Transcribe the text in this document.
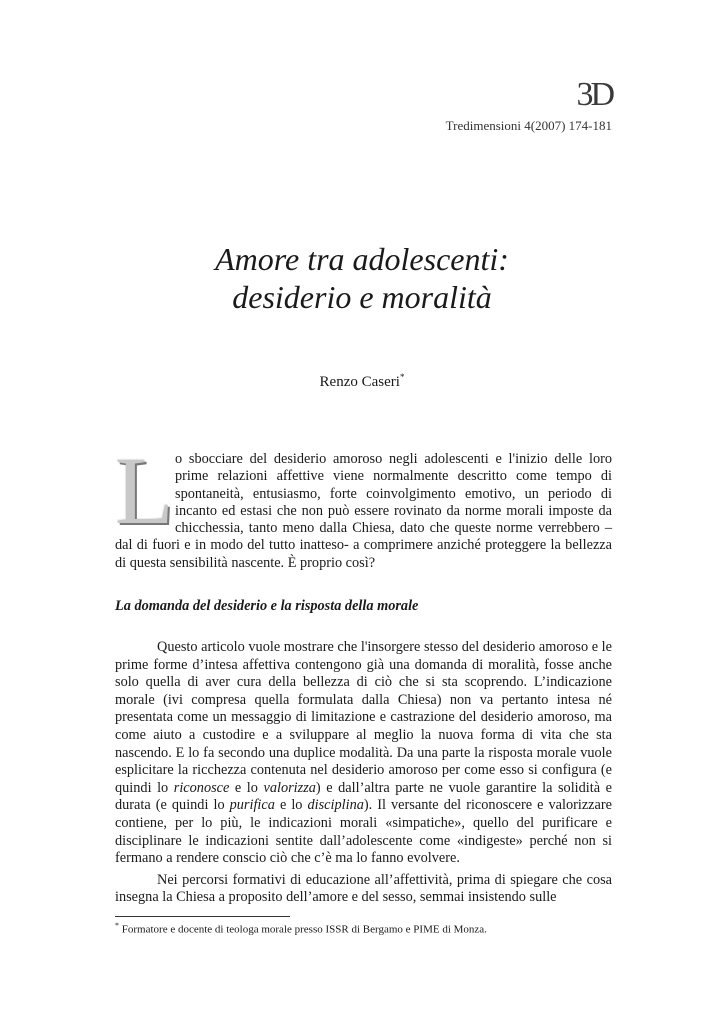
3D
Tredimensioni 4(2007) 174-181
Amore tra adolescenti:
desiderio e moralità
Renzo Caseri*
L o sbocciare del desiderio amoroso negli adolescenti e l'inizio delle loro prime relazioni affettive viene normalmente descritto come tempo di spontaneità, entusiasmo, forte coinvolgimento emotivo, un periodo di incanto ed estasi che non può essere rovinato da norme morali imposte da chicchessia, tanto meno dalla Chiesa, dato che queste norme verrebbero –dal di fuori e in modo del tutto inatteso- a comprimere anziché proteggere la bellezza di questa sensibilità nascente. È proprio così?
La domanda del desiderio e la risposta della morale

Questo articolo vuole mostrare che l'insorgere stesso del desiderio amoroso e le prime forme d’intesa affettiva contengono già una domanda di moralità, fosse anche solo quella di aver cura della bellezza di ciò che si sta scoprendo. L’indicazione morale (ivi compresa quella formulata dalla Chiesa) non va pertanto intesa né presentata come un messaggio di limitazione e castrazione del desiderio amoroso, ma come aiuto a custodire e a sviluppare al meglio la nuova forma di vita che sta nascendo. E lo fa secondo una duplice modalità. Da una parte la risposta morale vuole esplicitare la ricchezza contenuta nel desiderio amoroso per come esso si configura (e quindi lo riconosce e lo valorizza) e dall’altra parte ne vuole garantire la solidità e durata (e quindi lo purifica e lo disciplina). Il versante del riconoscere e valorizzare contiene, per lo più, le indicazioni morali «simpatiche», quello del purificare e disciplinare le indicazioni sentite dall’adolescente come «indigeste» perché non si fermano a rendere conscio ciò che c’è ma lo fanno evolvere.

Nei percorsi formativi di educazione all’affettività, prima di spiegare che cosa insegna la Chiesa a proposito dell’amore e del sesso, semmai insistendo sulle

* Formatore e docente di teologa morale presso ISSR di Bergamo e PIME di Monza.
